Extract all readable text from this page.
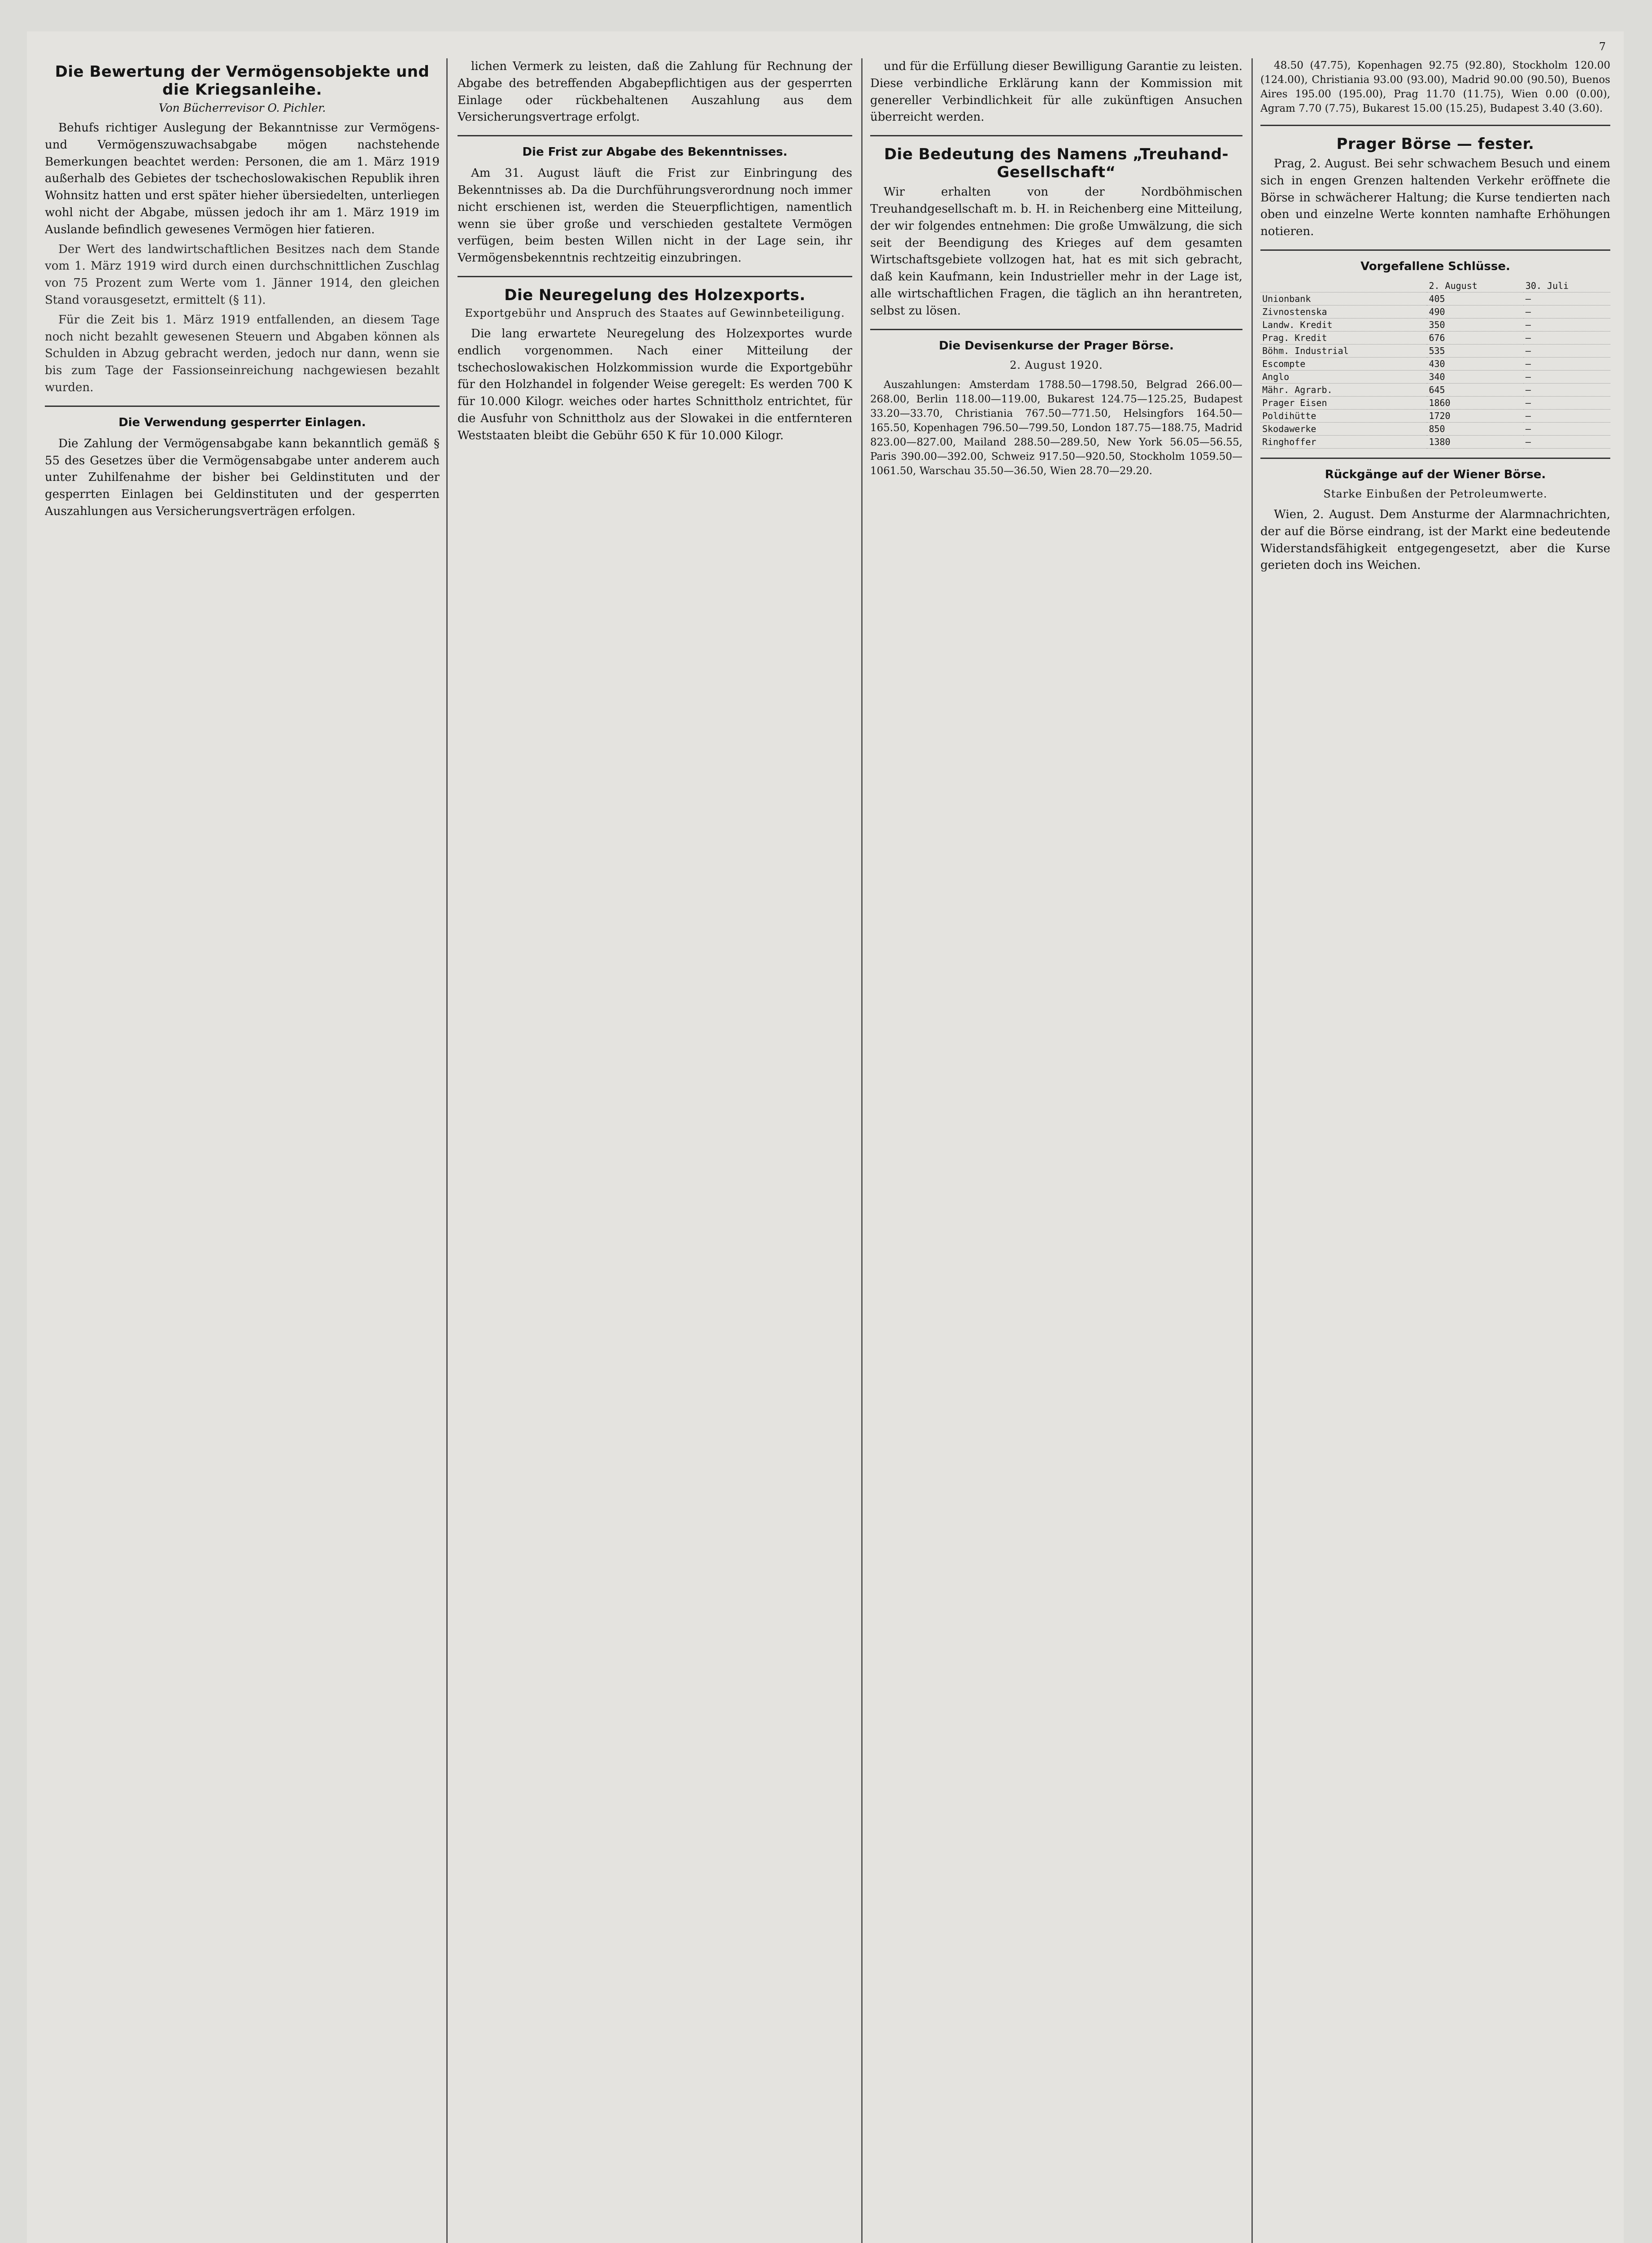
7
Die Bewertung der Vermögensobjekte und die Kriegsanleihe.
Von Bücherrevisor O. Pichler.

Behufs richtiger Auslegung der Bekanntnisse zur Vermögens- und Vermögenszuwachsabgabe mögen nachstehende Bemerkungen beachtet werden: Personen, die am 1. März 1919 außerhalb des Gebietes der tschechoslowakischen Republik ihren Wohnsitz hatten und erst später hieher übersiedelten, unterliegen wohl nicht der Abgabe, müssen jedoch ihr am 1. März 1919 im Auslande befindlich gewesenes Vermögen hier fatieren.

Der Wert des landwirtschaftlichen Besitzes nach dem Stande vom 1. März 1919 wird durch einen durchschnittlichen Zuschlag von 75 Prozent zum Werte vom 1. Jänner 1914, den gleichen Stand vorausgesetzt, ermittelt (§ 11).

Für die Zeit bis 1. März 1919 entfallenden, an diesem Tage noch nicht bezahlt gewesenen Steuern und Abgaben können als Schulden in Abzug gebracht werden, jedoch nur dann, wenn sie bis zum Tage der Fassionseinreichung nachgewiesen bezahlt wurden.

Die Verwendung gesperrter Einlagen.

Die Zahlung der Vermögensabgabe kann bekanntlich gemäß § 55 des Gesetzes über die Vermögensabgabe unter anderem auch unter Zuhilfenahme der bisher bei Geldinstituten und der gesperrten Einlagen bei Geldinstituten und der gesperrten Auszahlungen aus Versicherungsverträgen erfolgen.

lichen Vermerk zu leisten, daß die Zahlung für Rechnung der Abgabe des betreffenden Abgabepflichtigen aus der gesperrten Einlage oder rückbehaltenen Auszahlung aus dem Versicherungsvertrage erfolgt.

Die Frist zur Abgabe des Bekenntnisses.

Am 31. August läuft die Frist zur Einbringung des Bekenntnisses ab. Da die Durchführungsverordnung noch immer nicht erschienen ist, werden die Steuerpflichtigen, namentlich wenn sie über große und verschieden gestaltete Vermögen verfügen, beim besten Willen nicht in der Lage sein, ihr Vermögensbekenntnis rechtzeitig einzubringen.

Die Neuregelung des Holzexports.
Exportgebühr und Anspruch des Staates auf Gewinnbeteiligung.

Die lang erwartete Neuregelung des Holzexportes wurde endlich vorgenommen. Nach einer Mitteilung der tschechoslowakischen Holzkommission wurde die Exportgebühr für den Holzhandel in folgender Weise geregelt: Es werden 700 K für 10.000 Kilogr. weiches oder hartes Schnittholz entrichtet, für die Ausfuhr von Schnittholz aus der Slowakei in die entfernteren Weststaaten bleibt die Gebühr 650 K für 10.000 Kilogr.

und für die Erfüllung dieser Bewilligung Garantie zu leisten. Diese verbindliche Erklärung kann der Kommission mit genereller Verbindlichkeit für alle zukünftigen Ansuchen überreicht werden.

Die Bedeutung des Namens „Treuhand-Gesellschaft“

Wir erhalten von der Nordböhmischen Treuhandgesellschaft m. b. H. in Reichenberg eine Mitteilung, der wir folgendes entnehmen: Die große Umwälzung, die sich seit der Beendigung des Krieges auf dem gesamten Wirtschaftsgebiete vollzogen hat, hat es mit sich gebracht, daß kein Kaufmann, kein Industrieller mehr in der Lage ist, alle wirtschaftlichen Fragen, die täglich an ihn herantreten, selbst zu lösen.

Die Devisenkurse der Prager Börse.
2. August 1920.

Auszahlungen: Amsterdam 1788.50—1798.50, Belgrad 266.00—268.00, Berlin 118.00—119.00, Bukarest 124.75—125.25, Budapest 33.20—33.70, Christiania 767.50—771.50, Helsingfors 164.50—165.50, Kopenhagen 796.50—799.50, London 187.75—188.75, Madrid 823.00—827.00, Mailand 288.50—289.50, New York 56.05—56.55, Paris 390.00—392.00, Schweiz 917.50—920.50, Stockholm 1059.50—1061.50, Warschau 35.50—36.50, Wien 28.70—29.20.

48.50 (47.75), Kopenhagen 92.75 (92.80), Stockholm 120.00 (124.00), Christiania 93.00 (93.00), Madrid 90.00 (90.50), Buenos Aires 195.00 (195.00), Prag 11.70 (11.75), Wien 0.00 (0.00), Agram 7.70 (7.75), Bukarest 15.00 (15.25), Budapest 3.40 (3.60).

Prager Börse — fester.

Prag, 2. August. Bei sehr schwachem Besuch und einem sich in engen Grenzen haltenden Verkehr eröffnete die Börse in schwächerer Haltung; die Kurse tendierten nach oben und einzelne Werte konnten namhafte Erhöhungen notieren.

Vorgefallene Schlüsse.
	2. August	30. Juli
Unionbank	405	—
Zivnostenska	490	—
Landw. Kredit	350	—
Prag. Kredit	676	—
Böhm. Industrial	535	—
Escompte	430	—
Anglo	340	—
Mähr. Agrarb.	645	—
Prager Eisen	1860	—
Poldihütte	1720	—
Skodawerke	850	—
Ringhoffer	1380	—
Rückgänge auf der Wiener Börse.
Starke Einbußen der Petroleumwerte.

Wien, 2. August. Dem Ansturme der Alarmnachrichten, der auf die Börse eindrang, ist der Markt eine bedeutende Widerstandsfähigkeit entgegengesetzt, aber die Kurse gerieten doch ins Weichen.
